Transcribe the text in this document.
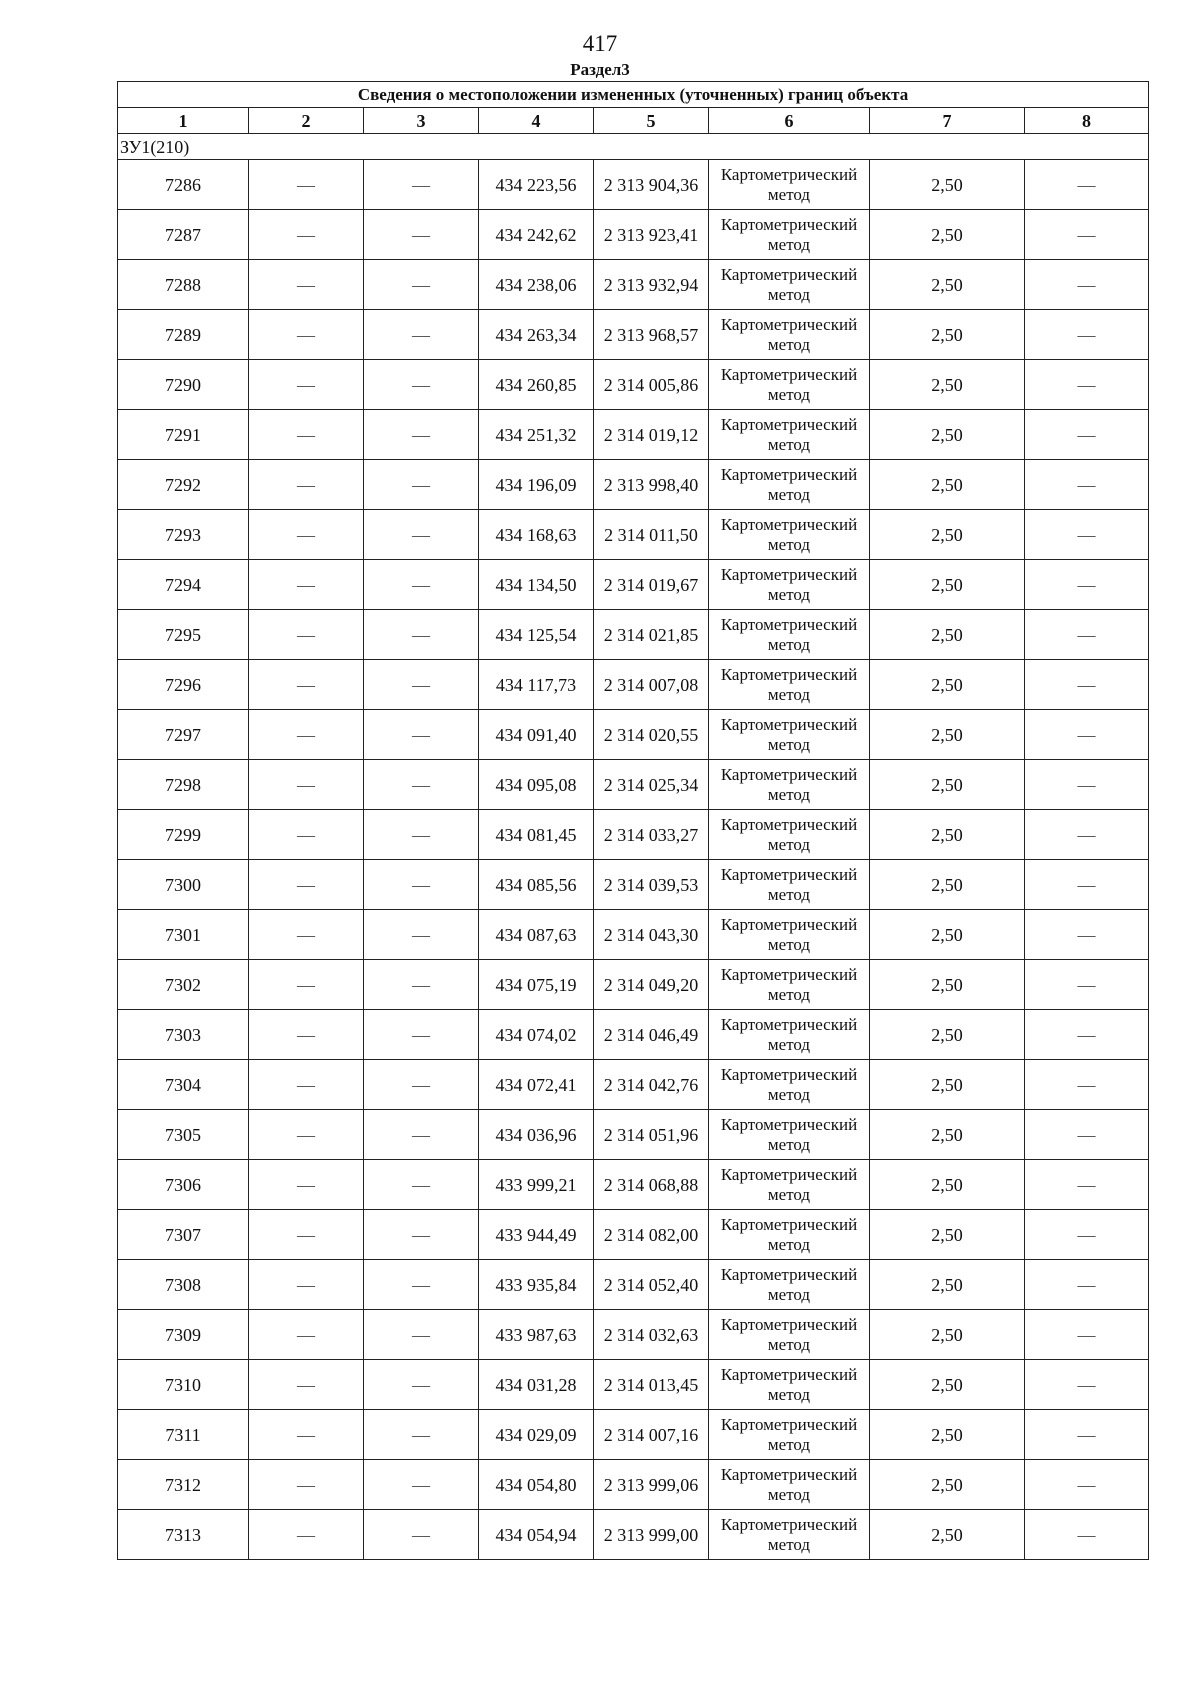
417
Раздел3
Сведения о местоположении измененных (уточненных) границ объекта							
1	2	3	4	5	6	7	8
ЗУ1(210)							
7286	—	—	434 223,56	2 313 904,36	Картометрический метод	2,50	—
7287	—	—	434 242,62	2 313 923,41	Картометрический метод	2,50	—
7288	—	—	434 238,06	2 313 932,94	Картометрический метод	2,50	—
7289	—	—	434 263,34	2 313 968,57	Картометрический метод	2,50	—
7290	—	—	434 260,85	2 314 005,86	Картометрический метод	2,50	—
7291	—	—	434 251,32	2 314 019,12	Картометрический метод	2,50	—
7292	—	—	434 196,09	2 313 998,40	Картометрический метод	2,50	—
7293	—	—	434 168,63	2 314 011,50	Картометрический метод	2,50	—
7294	—	—	434 134,50	2 314 019,67	Картометрический метод	2,50	—
7295	—	—	434 125,54	2 314 021,85	Картометрический метод	2,50	—
7296	—	—	434 117,73	2 314 007,08	Картометрический метод	2,50	—
7297	—	—	434 091,40	2 314 020,55	Картометрический метод	2,50	—
7298	—	—	434 095,08	2 314 025,34	Картометрический метод	2,50	—
7299	—	—	434 081,45	2 314 033,27	Картометрический метод	2,50	—
7300	—	—	434 085,56	2 314 039,53	Картометрический метод	2,50	—
7301	—	—	434 087,63	2 314 043,30	Картометрический метод	2,50	—
7302	—	—	434 075,19	2 314 049,20	Картометрический метод	2,50	—
7303	—	—	434 074,02	2 314 046,49	Картометрический метод	2,50	—
7304	—	—	434 072,41	2 314 042,76	Картометрический метод	2,50	—
7305	—	—	434 036,96	2 314 051,96	Картометрический метод	2,50	—
7306	—	—	433 999,21	2 314 068,88	Картометрический метод	2,50	—
7307	—	—	433 944,49	2 314 082,00	Картометрический метод	2,50	—
7308	—	—	433 935,84	2 314 052,40	Картометрический метод	2,50	—
7309	—	—	433 987,63	2 314 032,63	Картометрический метод	2,50	—
7310	—	—	434 031,28	2 314 013,45	Картометрический метод	2,50	—
7311	—	—	434 029,09	2 314 007,16	Картометрический метод	2,50	—
7312	—	—	434 054,80	2 313 999,06	Картометрический метод	2,50	—
7313	—	—	434 054,94	2 313 999,00	Картометрический метод	2,50	—
